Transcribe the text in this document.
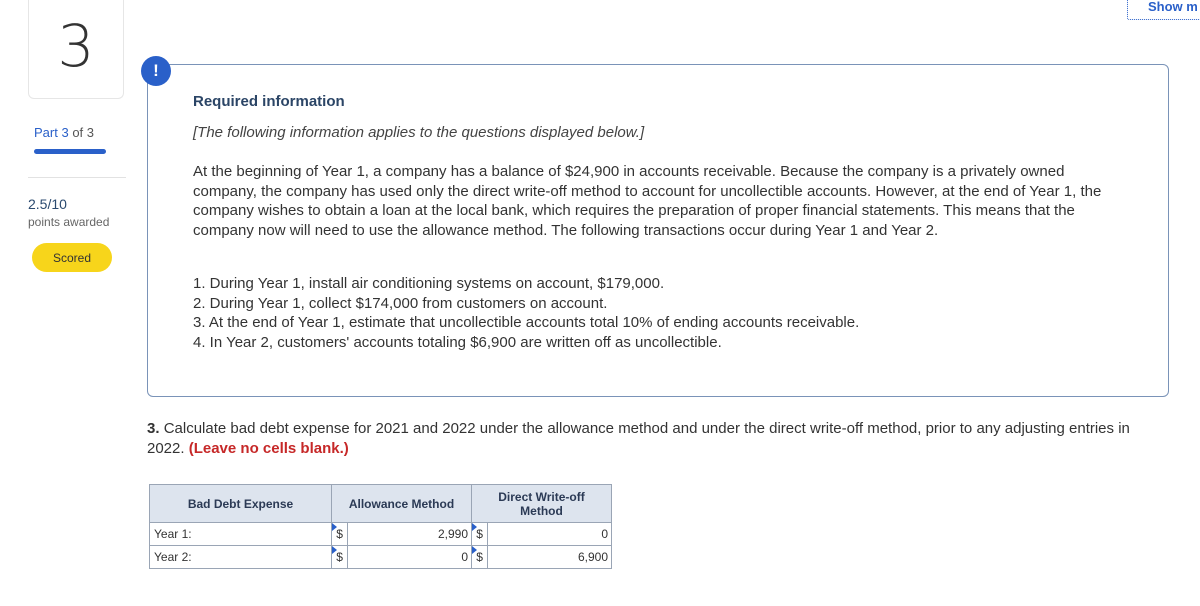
3
Part 3 of 3
2.5/10
points awarded
Scored
Show m
!
Required information
[The following information applies to the questions displayed below.]
At the beginning of Year 1, a company has a balance of $24,900 in accounts receivable. Because the company is a privately owned company, the company has used only the direct write-off method to account for uncollectible accounts. However, at the end of Year 1, the company wishes to obtain a loan at the local bank, which requires the preparation of proper financial statements. This means that the company now will need to use the allowance method. The following transactions occur during Year 1 and Year 2.
1. During Year 1, install air conditioning systems on account, $179,000.
2. During Year 1, collect $174,000 from customers on account.
3. At the end of Year 1, estimate that uncollectible accounts total 10% of ending accounts receivable.
4. In Year 2, customers' accounts totaling $6,900 are written off as uncollectible.
3. Calculate bad debt expense for 2021 and 2022 under the allowance method and under the direct write-off method, prior to any adjusting entries in 2022. (Leave no cells blank.)
Bad Debt Expense	Allowance Method		Direct Write-off Method	
Year 1:	$	2,990	$	0
Year 2:	$	0	$	6,900
